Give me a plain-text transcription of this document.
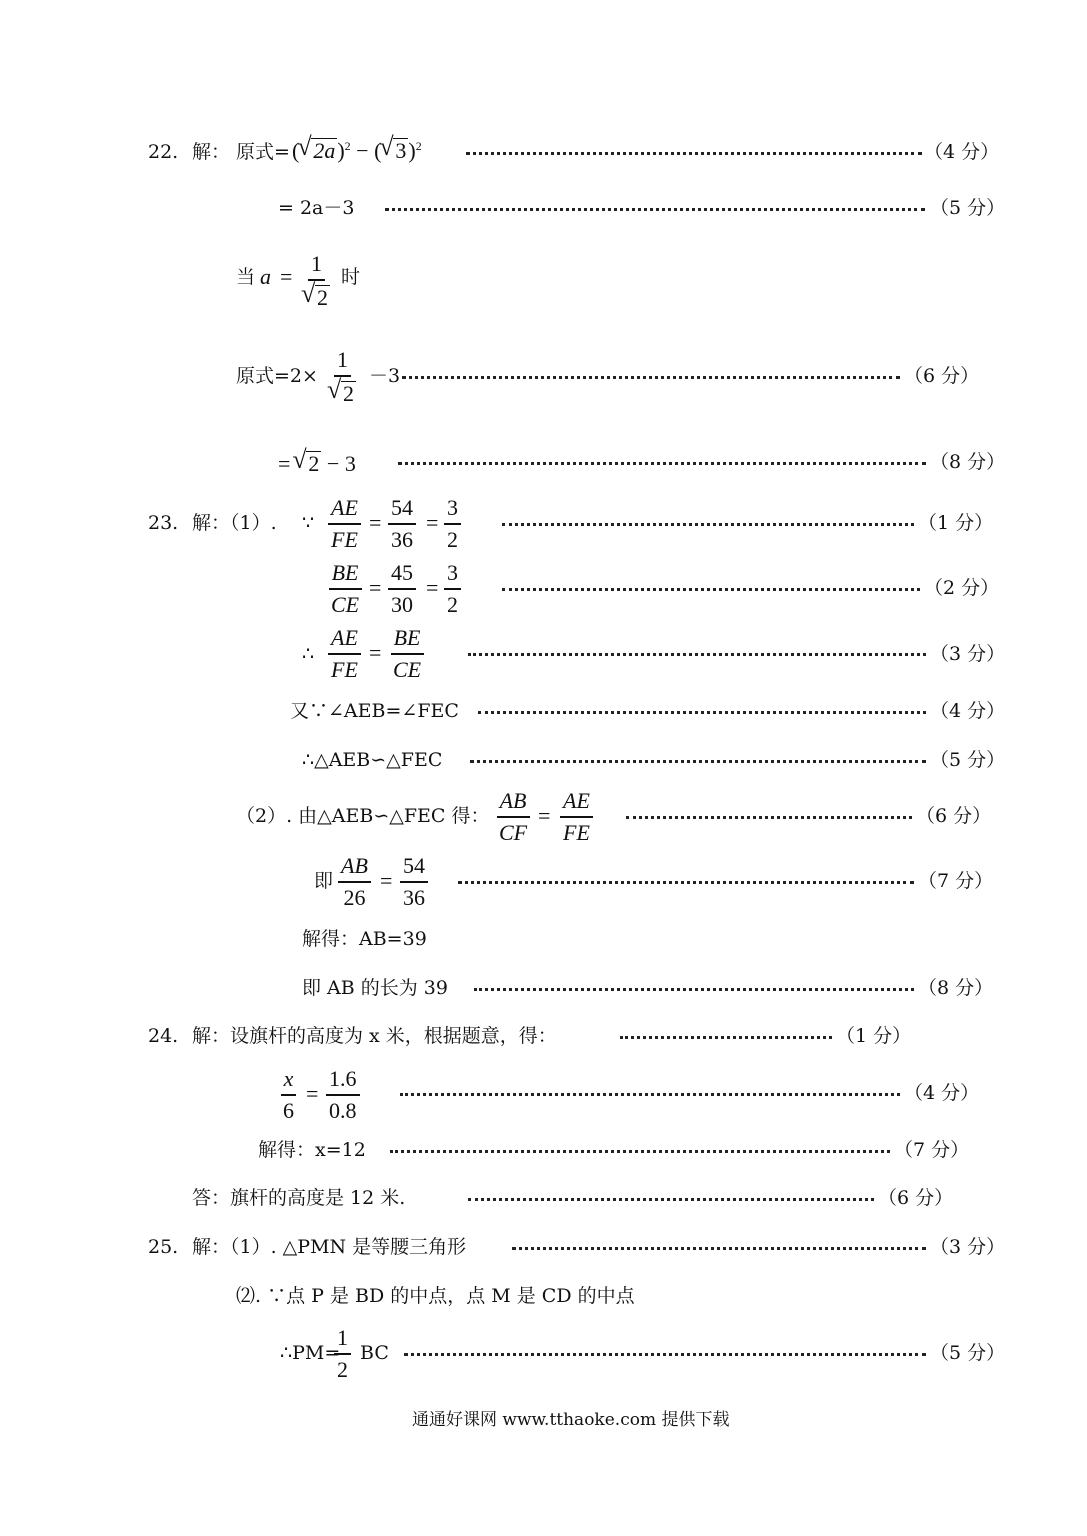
22. 解： 原式= ( √ 2a)$^2$ − ( √ 3)$^2$	（4 分）
= 2a－3	（5 分）
当 a = 1
√ 2 时
原式=2× 1
√ 2 －3	（6 分）
= √ 2 − 3	（8 分）
23. 解：（1）. ∵ $\frac{AE}{FE} = \frac{54}{36} = \frac{3}{2}$	（1 分）
$\frac{BE}{CE} = \frac{45}{30} = \frac{3}{2}$	（2 分）
∴ $\frac{AE}{FE} = \frac{BE}{CE}$	（3 分）
又∵∠AEB=∠FEC	（4 分）
∴△AEB∽△FEC	（5 分）
（2）. 由△AEB∽△FEC 得： $\frac{AB}{CF} = \frac{AE}{FE}$	（6 分）
即 $\frac{AB}{26} = \frac{54}{36}$	（7 分）
解得：AB=39
即 AB 的长为 39	（8 分）
24. 解：设旗杆的高度为 x 米，根据题意，得：	（1 分）
$\frac{x}{6} = \frac{1.6}{0.8}$	（4 分）
解得：x=12	（7 分）
答：旗杆的高度是 12 米.	（6 分）
25. 解：（1）. △PMN 是等腰三角形	（3 分）
⑵. ∵点 P 是 BD 的中点，点 M 是 CD 的中点
∴PM=
$\frac{1}{2}$ BC	（5 分）
通通好课网 www.tthaoke.com 提供下载
